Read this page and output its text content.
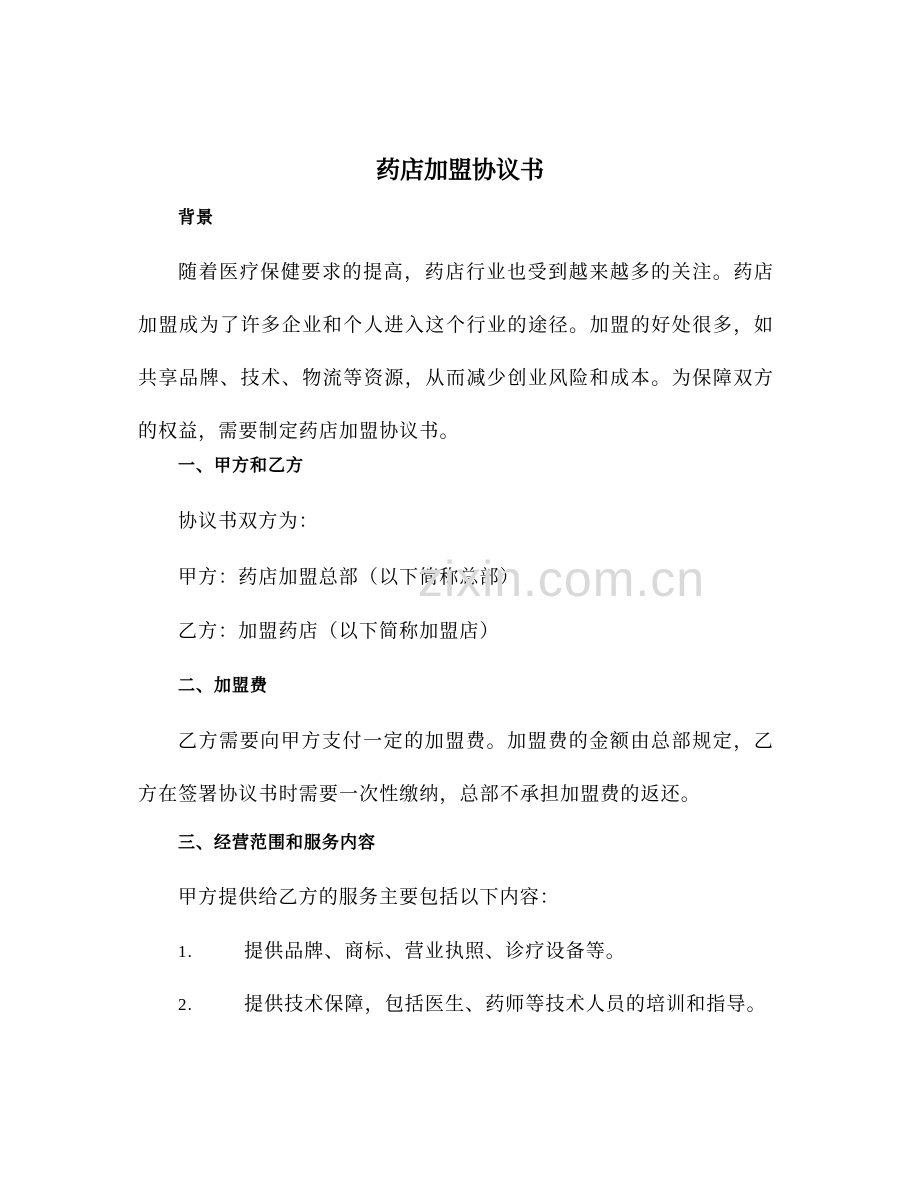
药店加盟协议书
背景
随着医疗保健要求的提高，药店行业也受到越来越多的关注。药店加盟成为了许多企业和个人进入这个行业的途径。加盟的好处很多，如共享品牌、技术、物流等资源，从而减少创业风险和成本。为保障双方的权益，需要制定药店加盟协议书。
一、甲方和乙方
协议书双方为：
甲方：药店加盟总部（以下简称总部）
乙方：加盟药店（以下简称加盟店）
二、加盟费
乙方需要向甲方支付一定的加盟费。加盟费的金额由总部规定，乙方在签署协议书时需要一次性缴纳，总部不承担加盟费的返还。
三、经营范围和服务内容
甲方提供给乙方的服务主要包括以下内容：
1.	提供品牌、商标、营业执照、诊疗设备等。
2.	提供技术保障，包括医生、药师等技术人员的培训和指导。
zixin.com.cn
